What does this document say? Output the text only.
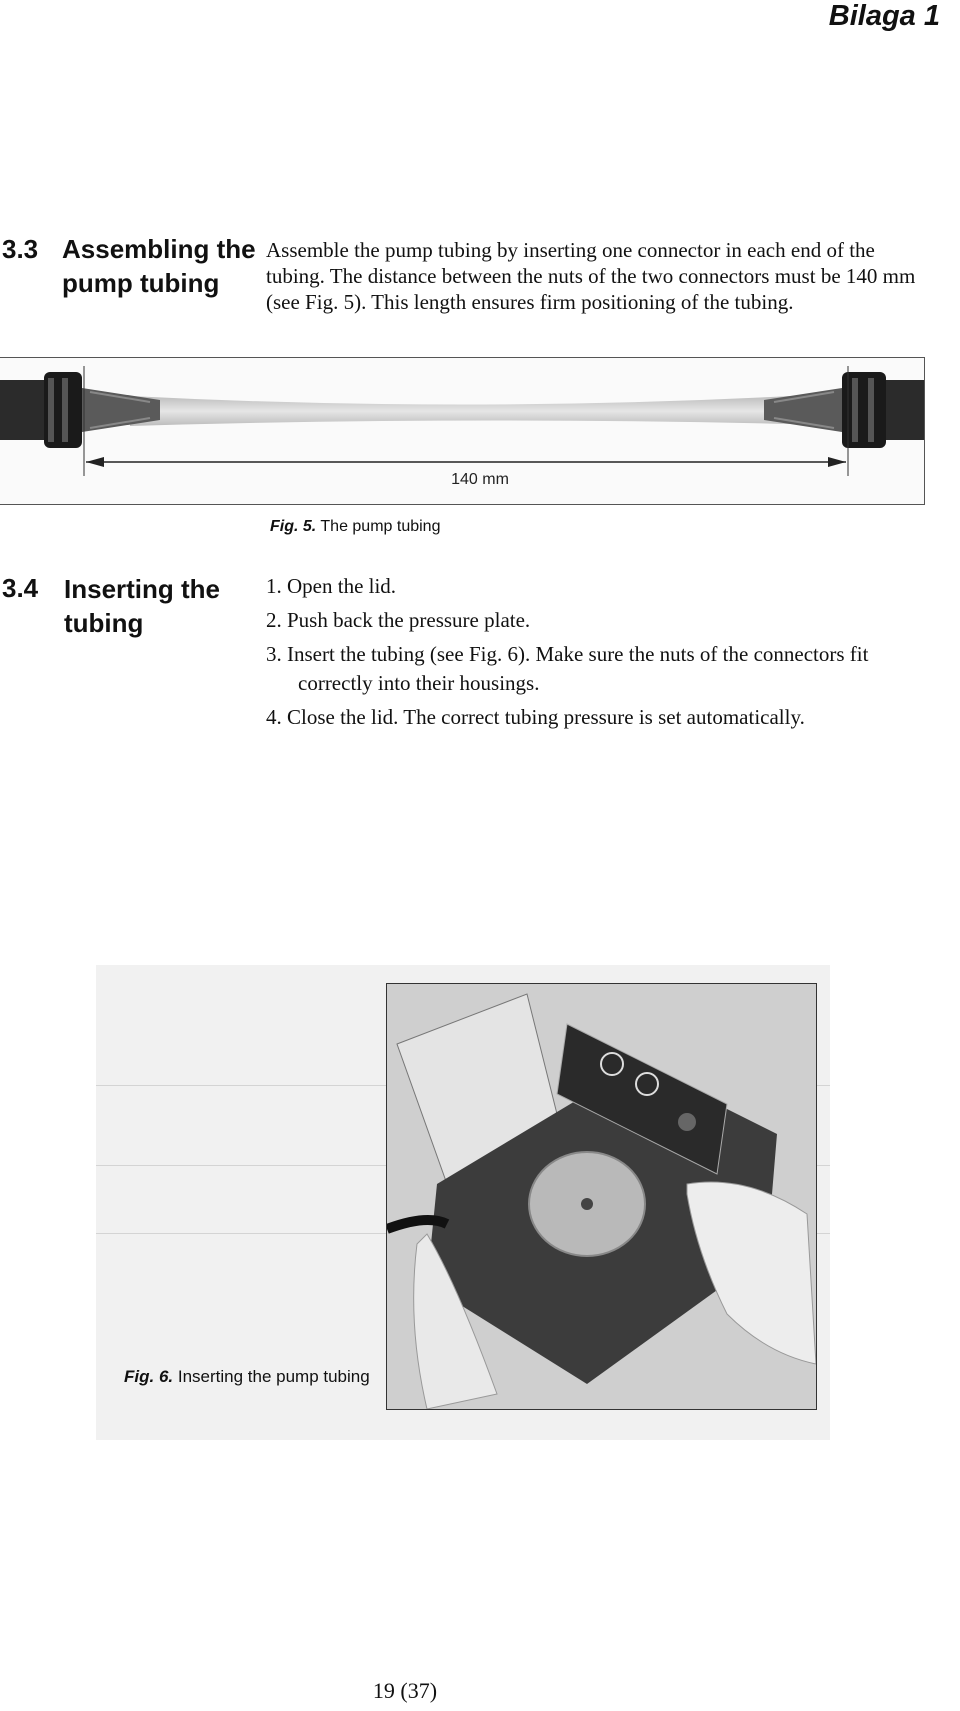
Bilaga 1
3.3 Assembling the pump tubing
Assemble the pump tubing by inserting one connector in each end of the tubing. The distance between the nuts of the two connectors must be 140 mm (see Fig. 5). This length ensures firm positioning of the tubing.
140 mm
Fig. 5. The pump tubing
3.4 Inserting the tubing
1. Open the lid.
2. Push back the pressure plate.
3. Insert the tubing (see Fig. 6). Make sure the nuts of the connectors fit correctly into their housings.
4. Close the lid. The correct tubing pressure is set automatically.
Fig. 6. Inserting the pump tubing
19 (37)
